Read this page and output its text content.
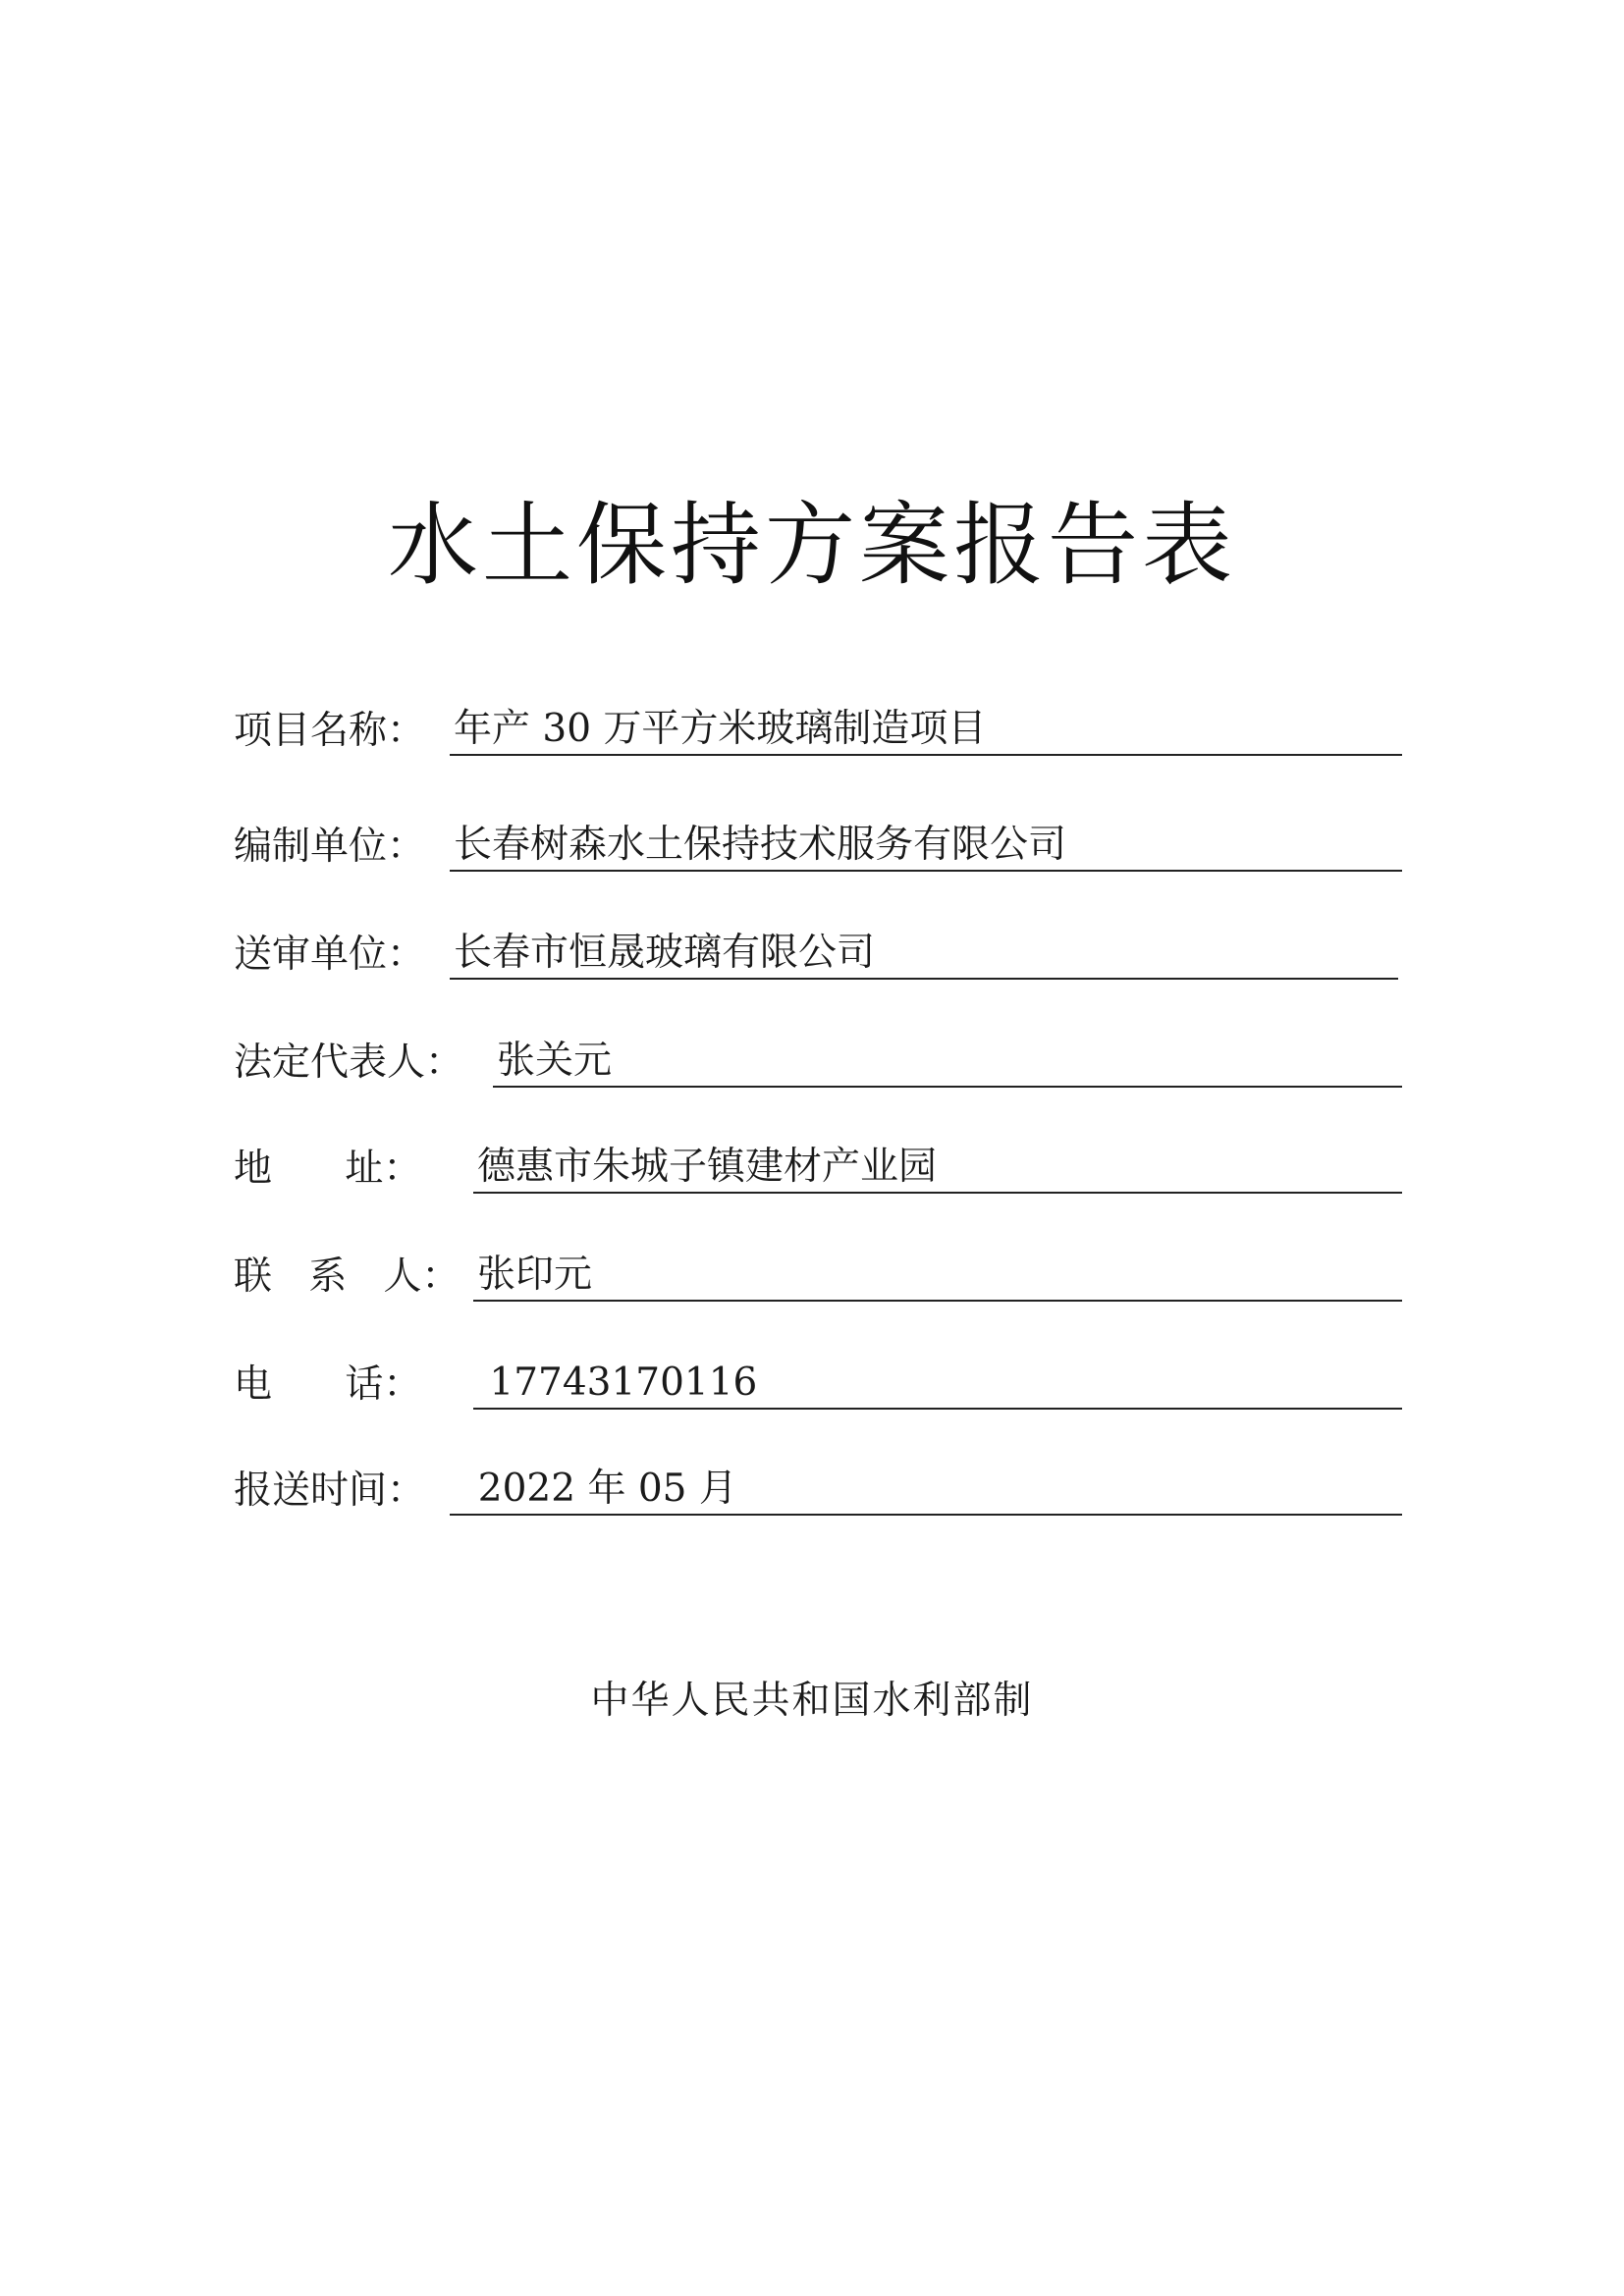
水土保持方案报告表
项目名称： 年产 30 万平方米玻璃制造项目
编制单位： 长春树森水土保持技术服务有限公司
送审单位： 长春市恒晟玻璃有限公司
法定代表人： 张关元
地      址： 德惠市朱城子镇建材产业园
联   系   人： 张印元
电      话： 17743170116
报送时间： 2022 年 05 月
中华人民共和国水利部制
